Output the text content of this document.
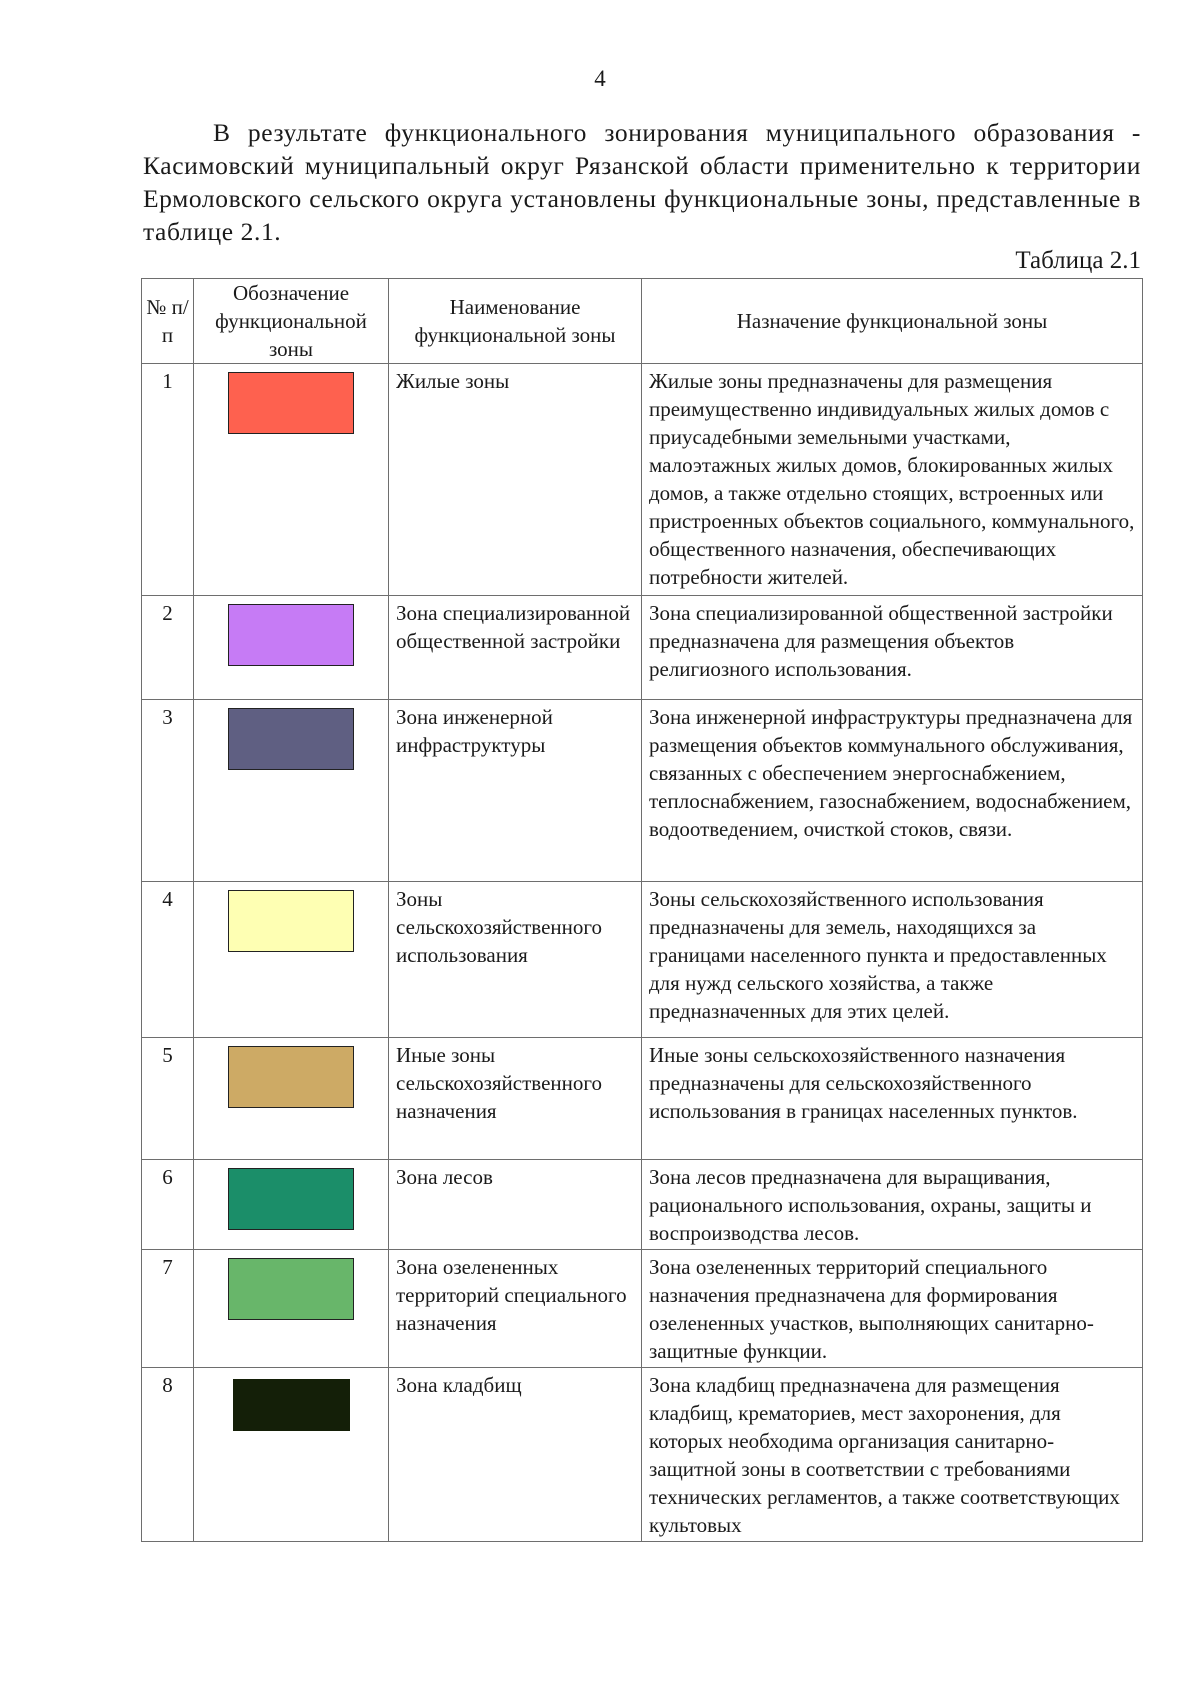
4
В результате функционального зонирования муниципального образования - Касимовский муниципальный округ Рязанской области применительно к территории Ермоловского сельского округа установлены функциональные зоны, представленные в таблице 2.1.
Таблица 2.1
№ п/п	Обозначение функциональной зоны	Наименование функциональной зоны	Назначение функциональной зоны
1		Жилые зоны	Жилые зоны предназначены для размещения преимущественно индивидуальных жилых домов с приусадебными земельными участками, малоэтажных жилых домов, блокированных жилых домов, а также отдельно стоящих, встроенных или пристроенных объектов социального, коммунального, общественного назначения, обеспечивающих потребности жителей.
2		Зона специализированной общественной застройки	Зона специализированной общественной застройки предназначена для размещения объектов религиозного использования.
3		Зона инженерной инфраструктуры	Зона инженерной инфраструктуры предназначена для размещения объектов коммунального обслуживания, связанных с обеспечением энергоснабжением, теплоснабжением, газоснабжением, водоснабжением, водоотведением, очисткой стоков, связи.
4		Зоны сельскохозяйственного использования	Зоны сельскохозяйственного использования предназначены для земель, находящихся за границами населенного пункта и предоставленных для нужд сельского хозяйства, а также предназначенных для этих целей.
5		Иные зоны сельскохозяйственного назначения	Иные зоны сельскохозяйственного назначения предназначены для сельскохозяйственного использования в границах населенных пунктов.
6		Зона лесов	Зона лесов предназначена для выращивания, рационального использования, охраны, защиты и воспроизводства лесов.
7		Зона озелененных территорий специального назначения	Зона озелененных территорий специального назначения предназначена для формирования озелененных участков, выполняющих санитарно-защитные функции.
8		Зона кладбищ	Зона кладбищ предназначена для размещения кладбищ, крематориев, мест захоронения, для которых необходима организация санитарно-защитной зоны в соответствии с требованиями технических регламентов, а также соответствующих культовых
